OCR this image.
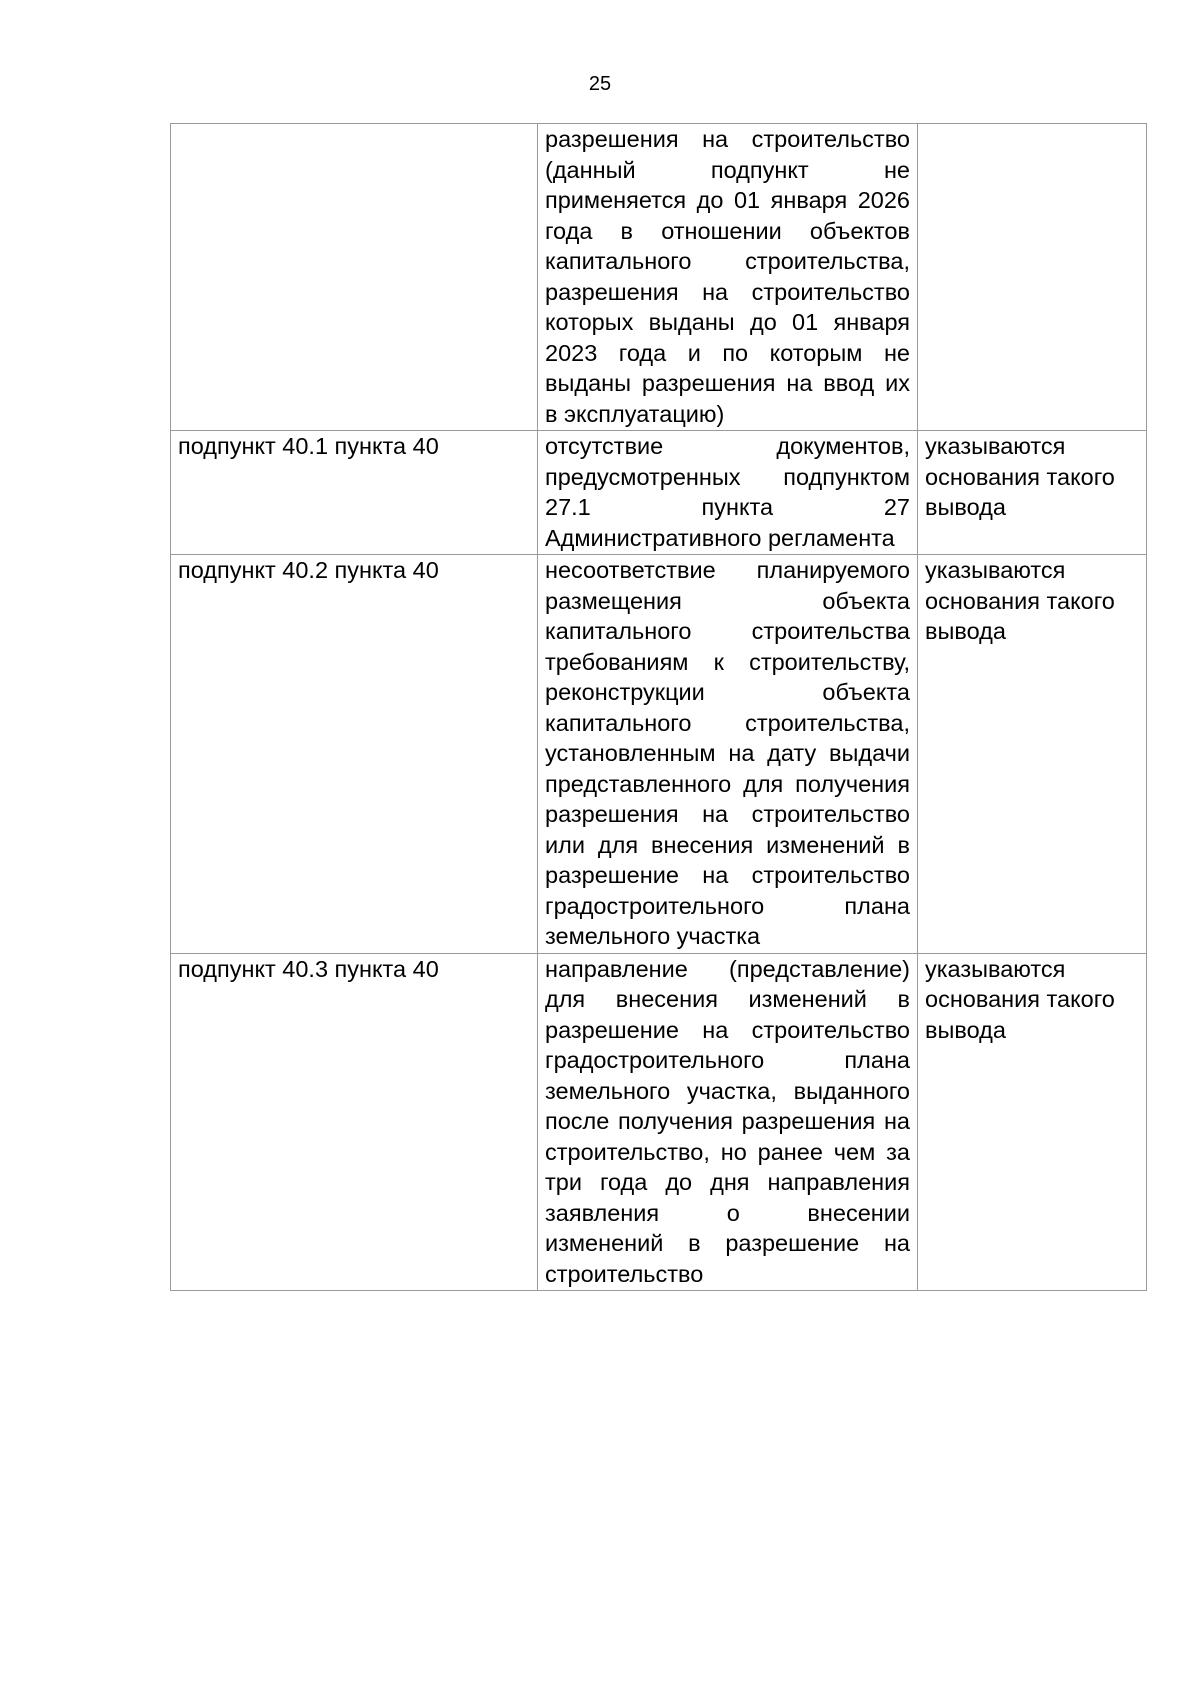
25
	разрешения на строительство (данный подпункт не применяется до 01 января 2026 года в отношении объектов капитального строительства, разрешения на строительство которых выданы до 01 января 2023 года и по которым не выданы разрешения на ввод их в эксплуатацию)	
подпункт 40.1 пункта 40	отсутствие документов, предусмотренных подпунктом 27.1 пункта 27 Административного регламента	указываются основания такого вывода
подпункт 40.2 пункта 40	несоответствие планируемого размещения объекта капитального строительства требованиям к строительству, реконструкции объекта капитального строительства, установленным на дату выдачи представленного для получения разрешения на строительство или для внесения изменений в разрешение на строительство градостроительного плана земельного участка	указываются основания такого вывода
подпункт 40.3 пункта 40	направление (представление) для внесения изменений в разрешение на строительство градостроительного плана земельного участка, выданного после получения разрешения на строительство, но ранее чем за три года до дня направления заявления о внесении изменений в разрешение на строительство	указываются основания такого вывода
